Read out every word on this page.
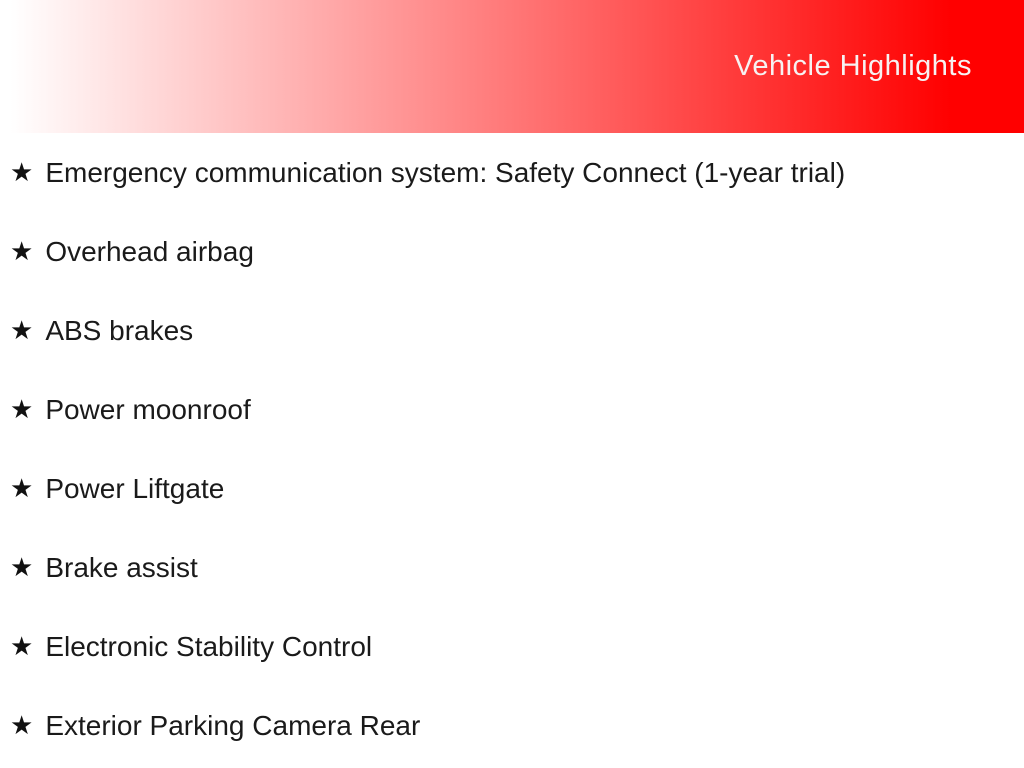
Vehicle Highlights
★ Emergency communication system: Safety Connect (1-year trial)
★ Overhead airbag
★ ABS brakes
★ Power moonroof
★ Power Liftgate
★ Brake assist
★ Electronic Stability Control
★ Exterior Parking Camera Rear
